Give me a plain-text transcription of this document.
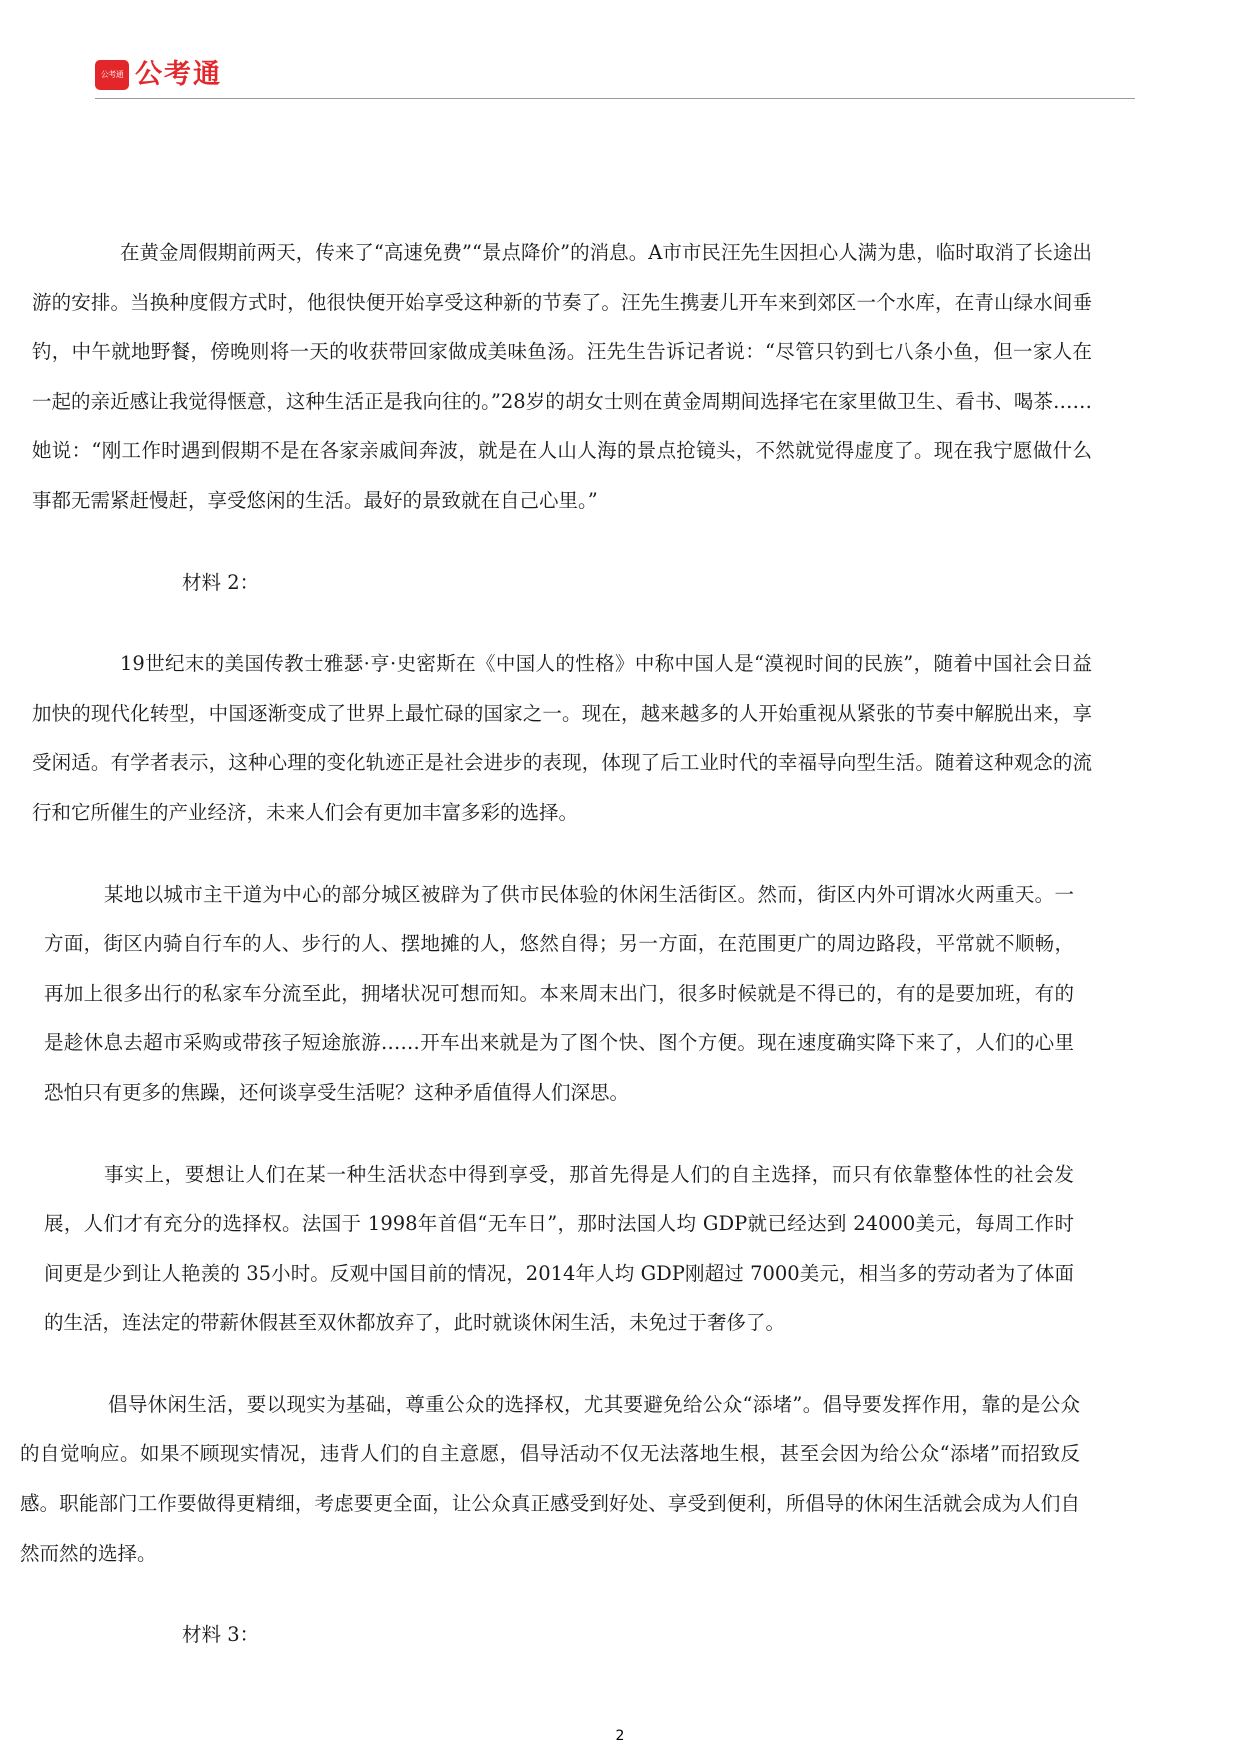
公考通 公考通

在黄金周假期前两天，传来了“高速免费”“景点降价”的消息。A市市民汪先生因担心人满为患，临时取消了长途出游的安排。当换种度假方式时，他很快便开始享受这种新的节奏了。汪先生携妻儿开车来到郊区一个水库，在青山绿水间垂钓，中午就地野餐，傍晚则将一天的收获带回家做成美味鱼汤。汪先生告诉记者说：“尽管只钓到七八条小鱼，但一家人在一起的亲近感让我觉得惬意，这种生活正是我向往的。”28岁的胡女士则在黄金周期间选择宅在家里做卫生、看书、喝茶……她说：“刚工作时遇到假期不是在各家亲戚间奔波，就是在人山人海的景点抢镜头，不然就觉得虚度了。现在我宁愿做什么事都无需紧赶慢赶，享受悠闲的生活。最好的景致就在自己心里。”

材料 2：

19世纪末的美国传教士雅瑟·亨·史密斯在《中国人的性格》中称中国人是“漠视时间的民族”，随着中国社会日益加快的现代化转型，中国逐渐变成了世界上最忙碌的国家之一。现在，越来越多的人开始重视从紧张的节奏中解脱出来，享受闲适。有学者表示，这种心理的变化轨迹正是社会进步的表现，体现了后工业时代的幸福导向型生活。随着这种观念的流行和它所催生的产业经济，未来人们会有更加丰富多彩的选择。

某地以城市主干道为中心的部分城区被辟为了供市民体验的休闲生活街区。然而，街区内外可谓冰火两重天。一方面，街区内骑自行车的人、步行的人、摆地摊的人，悠然自得；另一方面，在范围更广的周边路段，平常就不顺畅，再加上很多出行的私家车分流至此，拥堵状况可想而知。本来周末出门，很多时候就是不得已的，有的是要加班，有的是趁休息去超市采购或带孩子短途旅游……开车出来就是为了图个快、图个方便。现在速度确实降下来了，人们的心里恐怕只有更多的焦躁，还何谈享受生活呢？这种矛盾值得人们深思。

事实上，要想让人们在某一种生活状态中得到享受，那首先得是人们的自主选择，而只有依靠整体性的社会发展，人们才有充分的选择权。法国于 1998年首倡“无车日”，那时法国人均 GDP就已经达到 24000美元，每周工作时间更是少到让人艳羡的 35小时。反观中国目前的情况，2014年人均 GDP刚超过 7000美元，相当多的劳动者为了体面的生活，连法定的带薪休假甚至双休都放弃了，此时就谈休闲生活，未免过于奢侈了。

倡导休闲生活，要以现实为基础，尊重公众的选择权，尤其要避免给公众“添堵”。倡导要发挥作用，靠的是公众的自觉响应。如果不顾现实情况，违背人们的自主意愿，倡导活动不仅无法落地生根，甚至会因为给公众“添堵”而招致反感。职能部门工作要做得更精细，考虑要更全面，让公众真正感受到好处、享受到便利，所倡导的休闲生活就会成为人们自然而然的选择。

材料 3：
2
